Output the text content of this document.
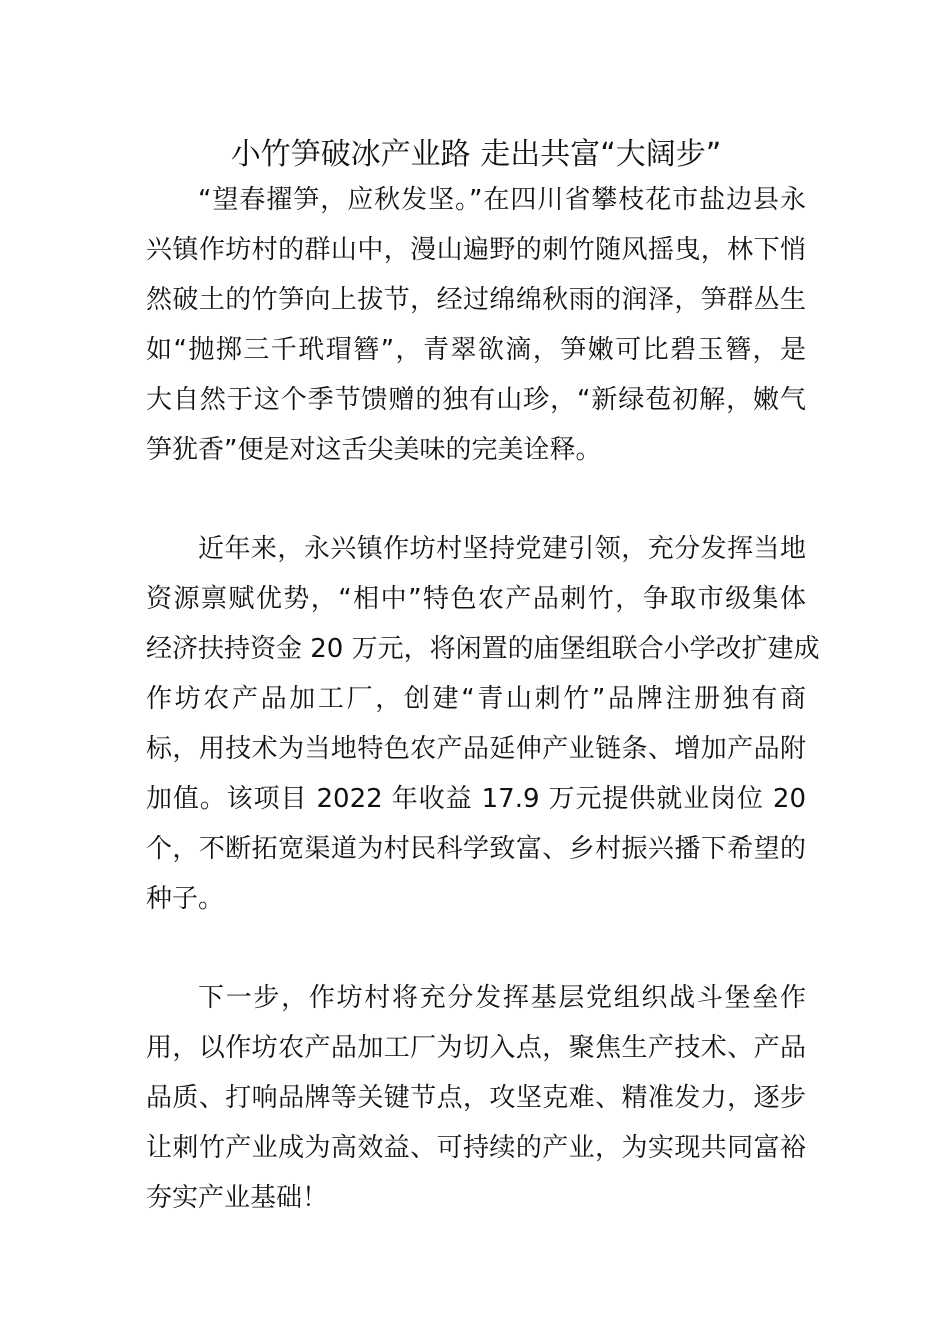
小竹笋破冰产业路 走出共富“大阔步”
“望春擢笋，应秋发坚。”在四川省攀枝花市盐边县永
兴镇作坊村的群山中，漫山遍野的刺竹随风摇曳，林下悄
然破土的竹笋向上拔节，经过绵绵秋雨的润泽，笋群丛生
如“抛掷三千玳瑁簪”，青翠欲滴，笋嫩可比碧玉簪，是
大自然于这个季节馈赠的独有山珍，“新绿苞初解，嫩气
笋犹香”便是对这舌尖美味的完美诠释。
近年来，永兴镇作坊村坚持党建引领，充分发挥当地
资源禀赋优势，“相中”特色农产品刺竹，争取市级集体
经济扶持资金 20 万元，将闲置的庙堡组联合小学改扩建成
作坊农产品加工厂，创建“青山刺竹”品牌注册独有商
标，用技术为当地特色农产品延伸产业链条、增加产品附
加值。该项目 2022 年收益 17.9 万元提供就业岗位 20
个，不断拓宽渠道为村民科学致富、乡村振兴播下希望的
种子。
下一步，作坊村将充分发挥基层党组织战斗堡垒作
用，以作坊农产品加工厂为切入点，聚焦生产技术、产品
品质、打响品牌等关键节点，攻坚克难、精准发力，逐步
让刺竹产业成为高效益、可持续的产业，为实现共同富裕
夯实产业基础！
